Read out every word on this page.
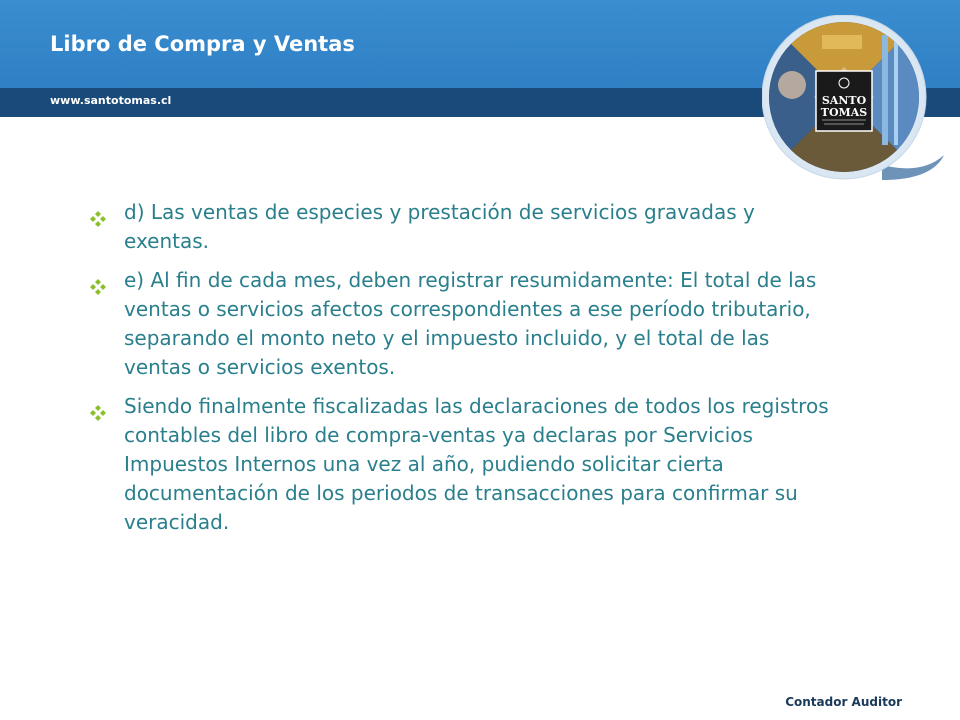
Libro de Compra y Ventas
www.santotomas.cl	SANTO
TOMAS
d) Las ventas de especies y prestación de servicios gravadas y exentas.
e) Al fin de cada mes, deben registrar resumidamente: El total de las ventas o servicios afectos correspondientes a ese período tributario, separando el monto neto y el impuesto incluido, y el total de las ventas o servicios exentos.
Siendo finalmente fiscalizadas las declaraciones de todos los registros contables del libro de compra-ventas ya declaras por Servicios Impuestos Internos una vez al año, pudiendo solicitar cierta documentación de los periodos de transacciones para confirmar su veracidad.
Contador Auditor
